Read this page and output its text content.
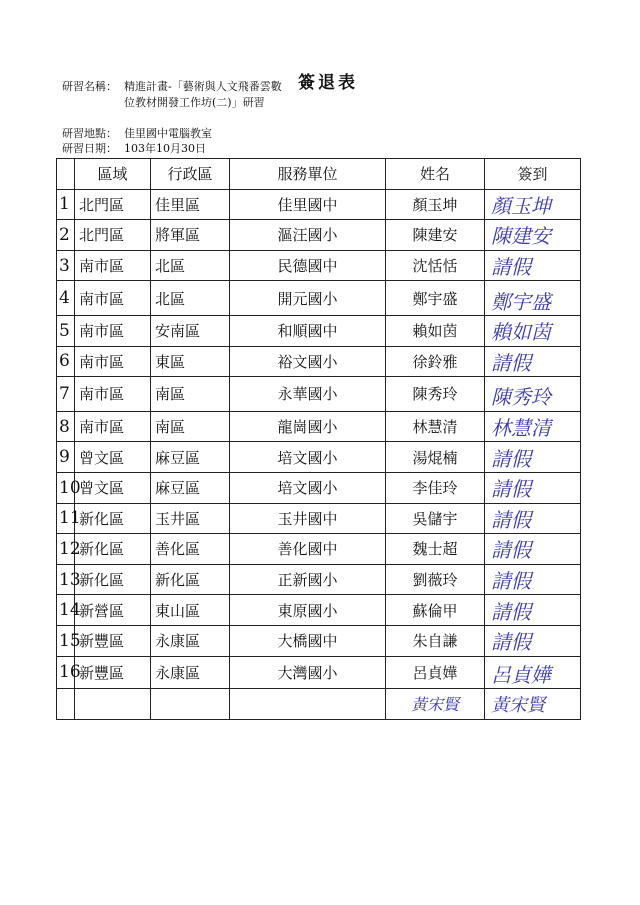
研習名稱： 精進計畫-「藝術與人文飛番雲數
位教材開發工作坊(二)」研習
簽退表
研習地點： 佳里國中電腦教室
研習日期： 103年10月30日
	區域	行政區	服務單位	姓名	簽到
1	北門區	佳里區	佳里國中	顏玉坤	顏玉坤
2	北門區	將軍區	漚汪國小	陳建安	陳建安
3	南市區	北區	民德國中	沈恬恬	請假
4	南市區	北區	開元國小	鄭宇盛	鄭宇盛
5	南市區	安南區	和順國中	賴如茵	賴如茵
6	南市區	東區	裕文國小	徐鈴雅	請假
7	南市區	南區	永華國小	陳秀玲	陳秀玲
8	南市區	南區	龍崗國小	林慧清	林慧清
9	曾文區	麻豆區	培文國小	湯焜楠	請假
10	曾文區	麻豆區	培文國小	李佳玲	請假
11	新化區	玉井區	玉井國中	吳儲宇	請假
12	新化區	善化區	善化國中	魏士超	請假
13	新化區	新化區	正新國小	劉薇玲	請假
14	新營區	東山區	東原國小	蘇倫甲	請假
15	新豐區	永康區	大橋國中	朱自謙	請假
16	新豐區	永康區	大灣國小	呂貞嬅	呂貞嬅
				黃宋賢	黃宋賢
